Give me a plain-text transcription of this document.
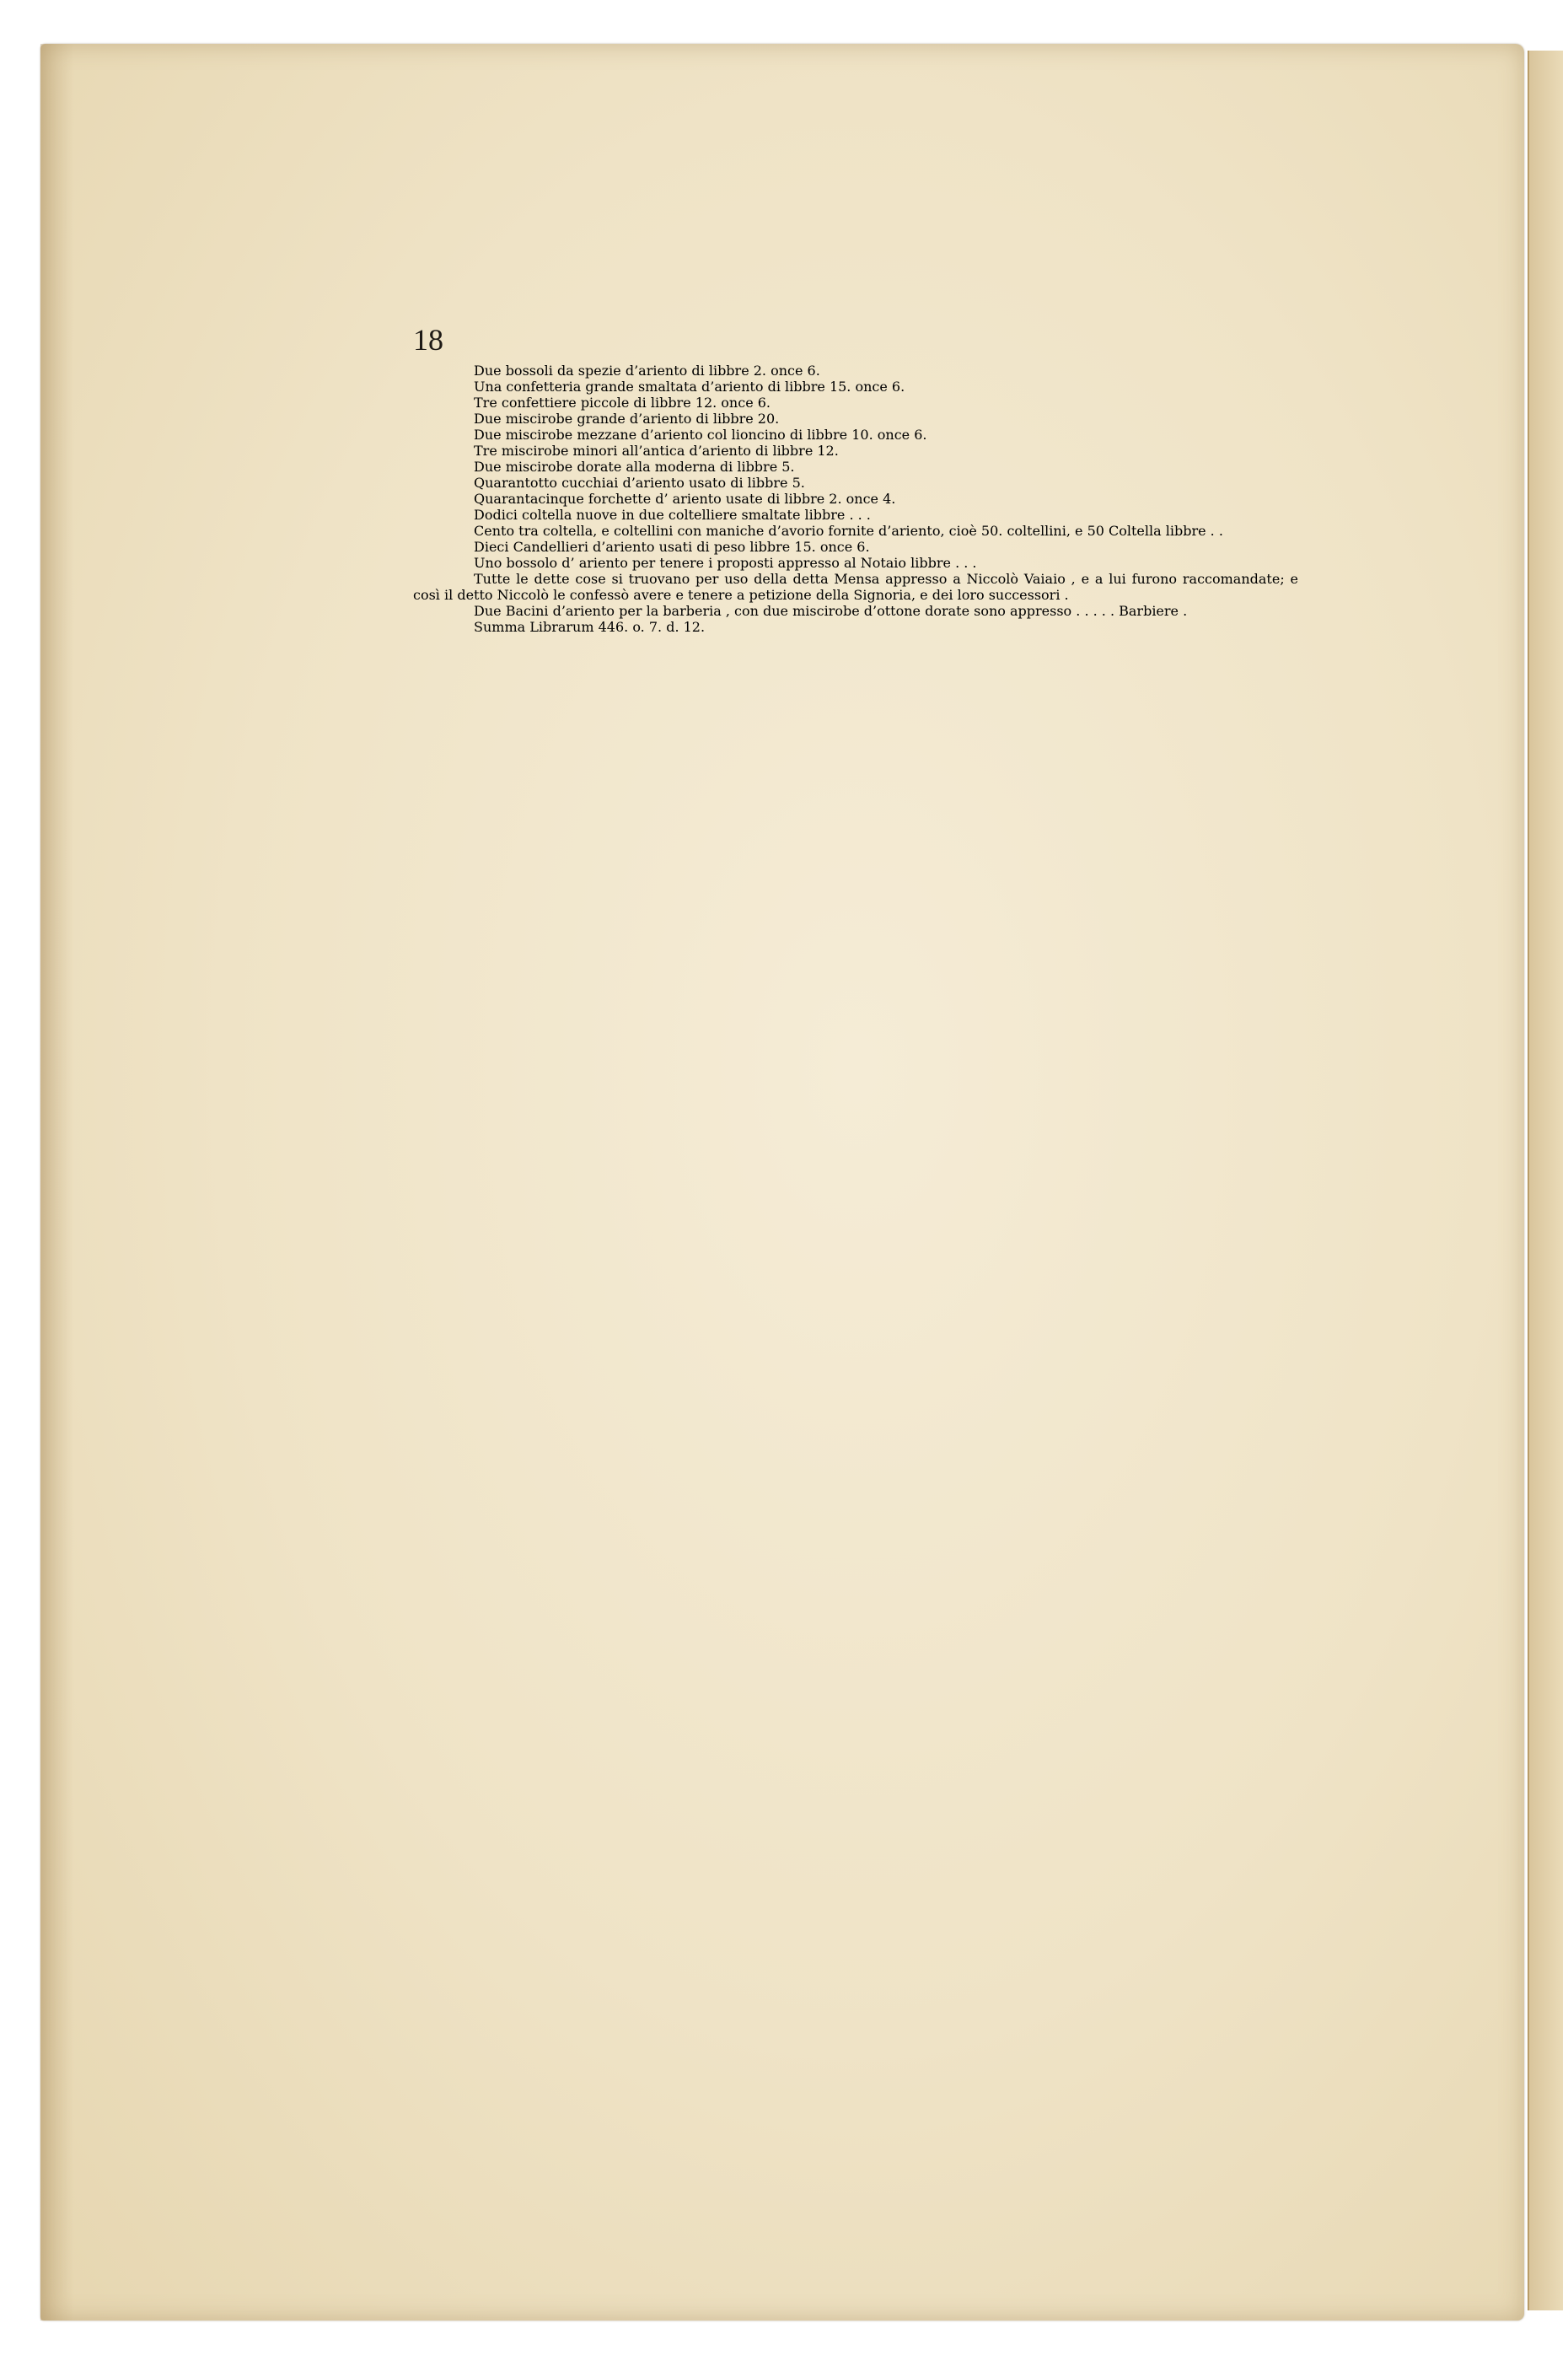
18

Due bossoli da spezie d’ariento di libbre 2. once 6.

Una confetteria grande smaltata d’ariento di libbre 15. once 6.

Tre confettiere piccole di libbre 12. once 6.

Due miscirobe grande d’ariento di libbre 20.

Due miscirobe mezzane d’ariento col lioncino di libbre 10. once 6.

Tre miscirobe minori all’antica d’ariento di libbre 12.

Due miscirobe dorate alla moderna di libbre 5.

Quarantotto cucchiai d’ariento usato di libbre 5.

Quarantacinque forchette d’ ariento usate di libbre 2. once 4.

Dodici coltella nuove in due coltelliere smaltate libbre . . .

Cento tra coltella, e coltellini con maniche d’avorio fornite d’ariento, cioè 50. coltellini, e 50 Coltella libbre . .

Dieci Candellieri d’ariento usati di peso libbre 15. once 6.

Uno bossolo d’ ariento per tenere i proposti appresso al Notaio libbre . . .

Tutte le dette cose si truovano per uso della detta Mensa appresso a Niccolò Vaiaio , e a lui furono raccomandate; e così il detto Niccolò le confessò avere e tenere a petizione della Signoria, e dei loro successori .

Due Bacini d’ariento per la barberia , con due miscirobe d’ottone dorate sono appresso . . . . . Barbiere .

Summa Librarum 446. o. 7. d. 12.
